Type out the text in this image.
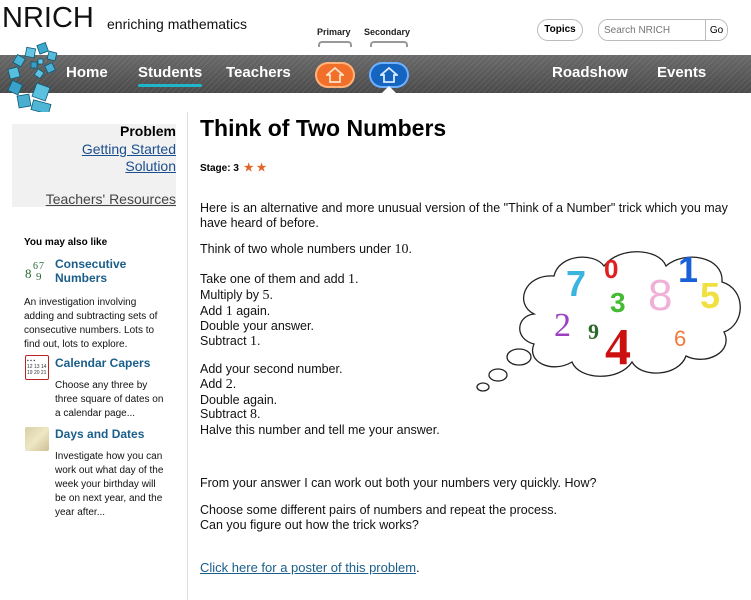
NRICH enriching mathematics	Primary Secondary	Topics
Search NRICH	Go
Home Students Teachers	Roadshow Events
Problem
Getting Started
Solution
Teachers' Resources
You may also like
8 6 7
9
Consecutive
Numbers
An investigation involving adding and subtracting sets of consecutive numbers. Lots to find out, lots to explore.
▪ ▪ ▪
12 13 14
19 20 21
Calendar Capers
Choose any three by three square of dates on a calendar page...
Days and Dates
Investigate how you can work out what day of the week your birthday will be on next year, and the year after...
Think of Two Numbers
Stage: 3 ★ ★
Here is an alternative and more unusual version of the "Think of a Number" trick which you may have heard of before.
Think of two whole numbers under 10.
Take one of them and add 1.
Multiply by 5.
Add 1 again.
Double your answer.
Subtract 1.
Add your second number.
Add 2.
Double again.
Subtract 8.
Halve this number and tell me your answer.
From your answer I can work out both your numbers very quickly. How?
Choose some different pairs of numbers and repeat the process.
Can you figure out how the trick works?
Click here for a poster of this problem.
7 0
8
1
5
3
2 9 4 6
